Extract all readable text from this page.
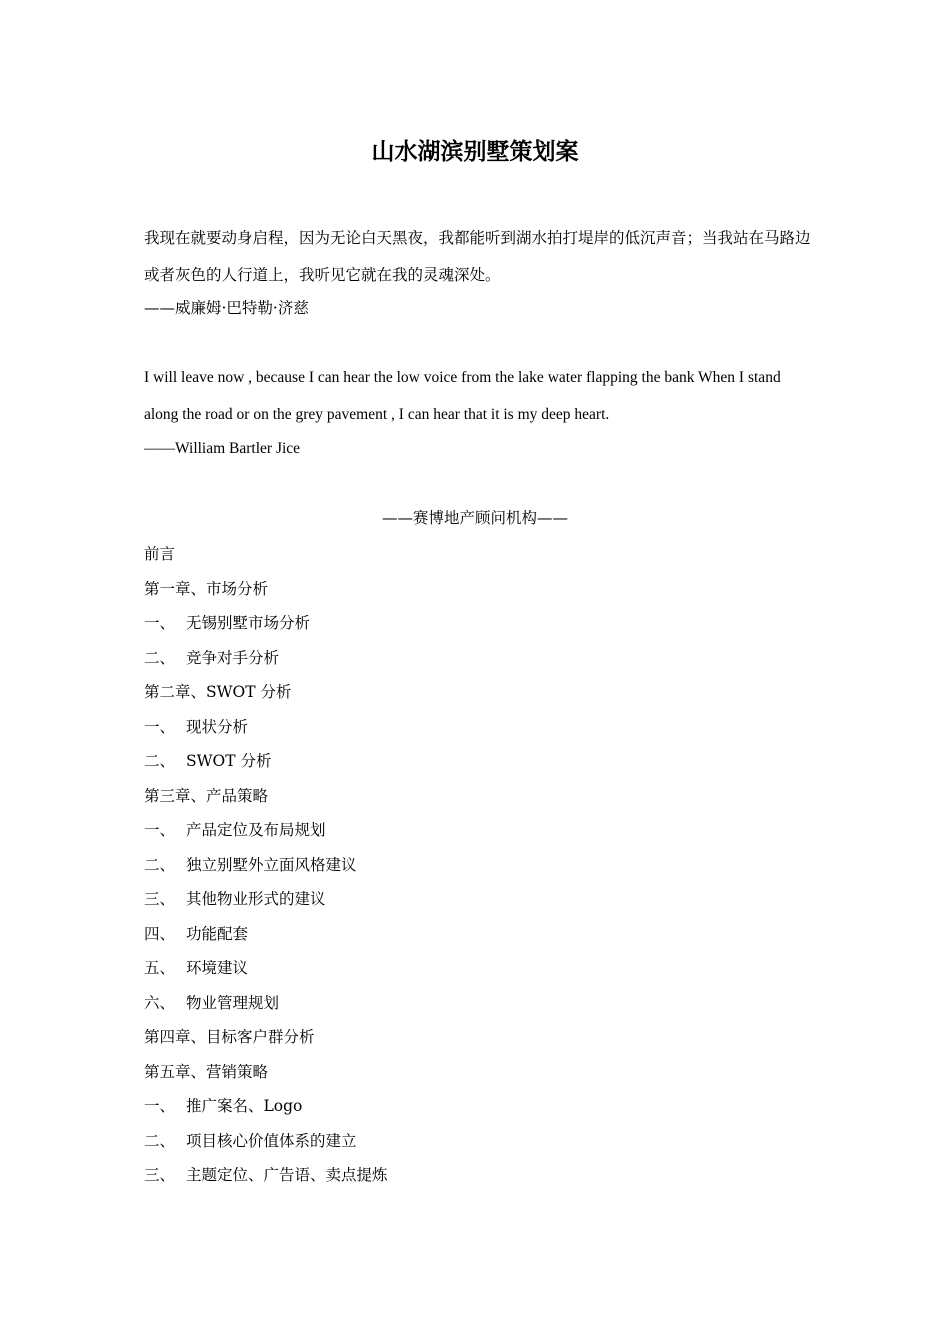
山水湖滨别墅策划案
我现在就要动身启程，因为无论白天黑夜，我都能听到湖水拍打堤岸的低沉声音；当我站在马路边或者灰色的人行道上，我听见它就在我的灵魂深处。
——威廉姆·巴特勒·济慈
I will leave now , because I can hear the low voice from the lake water flapping the bank When I stand along the road or on the grey pavement , I can hear that it is my deep heart.
——William Bartler Jice
——赛博地产顾问机构——
前言
第一章、市场分析
一、 无锡别墅市场分析
二、 竞争对手分析
第二章、SWOT 分析
一、 现状分析
二、 SWOT 分析
第三章、产品策略
一、 产品定位及布局规划
二、 独立别墅外立面风格建议
三、 其他物业形式的建议
四、 功能配套
五、 环境建议
六、 物业管理规划
第四章、目标客户群分析
第五章、营销策略
一、 推广案名、Logo
二、 项目核心价值体系的建立
三、 主题定位、广告语、卖点提炼
